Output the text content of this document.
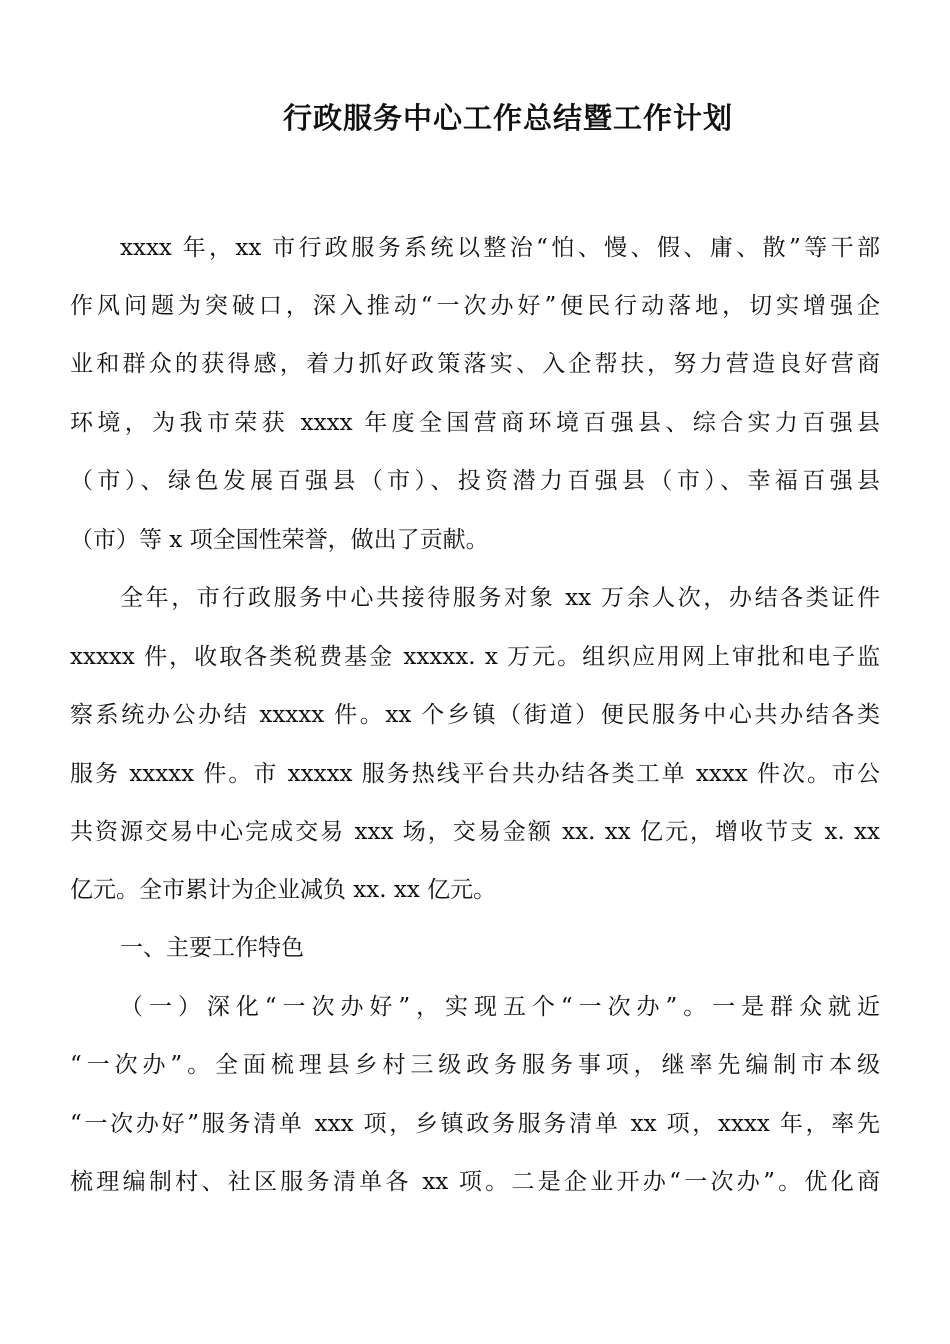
行政服务中心工作总结暨工作计划
xxxx 年，xx 市行政服务系统以整治“怕、慢、假、庸、散”等干部
作风问题为突破口，深入推动“一次办好”便民行动落地，切实增强企
业和群众的获得感，着力抓好政策落实、入企帮扶，努力营造良好营商
环境，为我市荣获 xxxx 年度全国营商环境百强县、综合实力百强县
（市）、绿色发展百强县（市）、投资潜力百强县（市）、幸福百强县
（市）等 x 项全国性荣誉，做出了贡献。
全年，市行政服务中心共接待服务对象 xx 万余人次，办结各类证件
xxxxx 件，收取各类税费基金 xxxxx. x 万元。组织应用网上审批和电子监
察系统办公办结 xxxxx 件。xx 个乡镇（街道）便民服务中心共办结各类
服务 xxxxx 件。市 xxxxx 服务热线平台共办结各类工单 xxxx 件次。市公
共资源交易中心完成交易 xxx 场，交易金额 xx. xx 亿元，增收节支 x. xx
亿元。全市累计为企业减负 xx. xx 亿元。
一、主要工作特色
（一）深化“一次办好”，实现五个“一次办”。一是群众就近
“一次办”。全面梳理县乡村三级政务服务事项，继率先编制市本级
“一次办好”服务清单 xxx 项，乡镇政务服务清单 xx 项，xxxx 年，率先
梳理编制村、社区服务清单各 xx 项。二是企业开办“一次办”。优化商
